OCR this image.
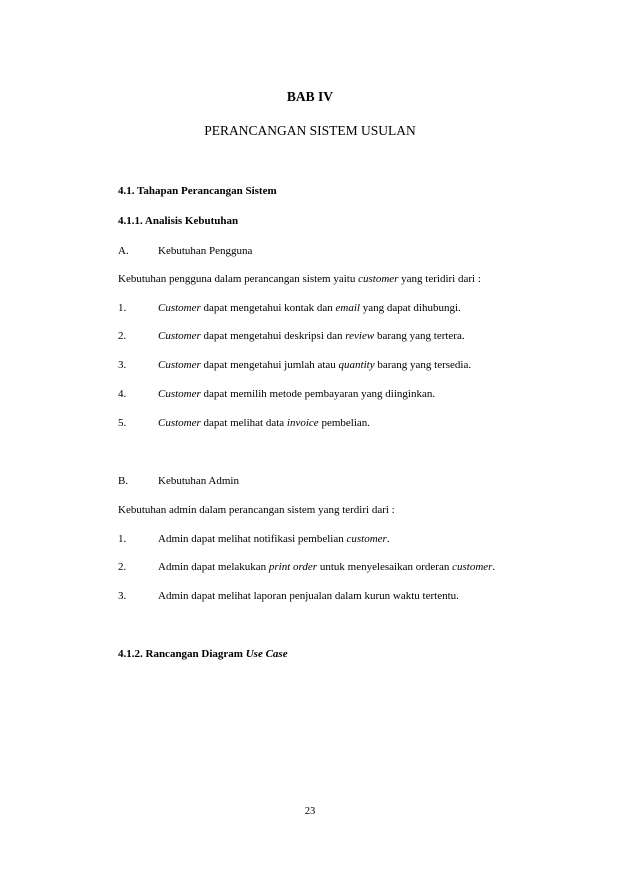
BAB IV
PERANCANGAN SISTEM USULAN
4.1. Tahapan Perancangan Sistem
4.1.1. Analisis Kebutuhan
A.	Kebutuhan Pengguna
Kebutuhan pengguna dalam perancangan sistem yaitu customer yang teridiri dari :
1.	Customer dapat mengetahui kontak dan email yang dapat dihubungi.
2.	Customer dapat mengetahui deskripsi dan review barang yang tertera.
3.	Customer dapat mengetahui jumlah atau quantity barang yang tersedia.
4.	Customer dapat memilih metode pembayaran yang diinginkan.
5.	Customer dapat melihat data invoice pembelian.
B.	Kebutuhan Admin
Kebutuhan admin dalam perancangan sistem yang terdiri dari :
1.	Admin dapat melihat notifikasi pembelian customer.
2.	Admin dapat melakukan print order untuk menyelesaikan orderan customer.
3.	Admin dapat melihat laporan penjualan dalam kurun waktu tertentu.
4.1.2. Rancangan Diagram Use Case
23
